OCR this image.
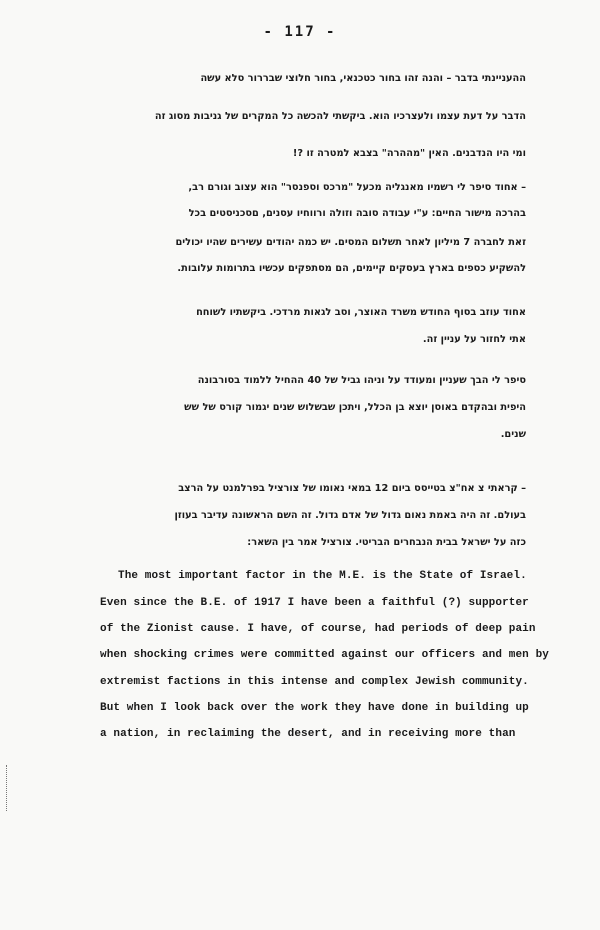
- 117 -
ההעניינתי בדבר – והנה זהו בחור כטכנאי, בחור חלוצי שבררור סלא עשה
הדבר על דעת עצמו ולעצרכיו הוא. ביקשתי להכשה כל המקרים של גניבות מסוג זה
ומי היו הנדבנים. האין "מההרה" בצבא למטרה זו ?!
– אחוד סיפר לי רשמיו מאנגליה מכעל "מרכס וספנסר" הוא עצוב וגורם רב,
בהרכה מישור החיים: ע"י עבודה סובה וזולה ורווחיו עסנים, םסכניסטים בכל
זאת לחברה 7 מיליון לאחר תשלום המסים. יש כמה יהודים עשירים שהיו יכולים
להשקיע כספים בארץ בעסקים קיימים, הם מסתפקים עכשיו בתרומות עלובות.
אחוד עוזב בסוף החודש משרד האוצר, וסב לגאות מרדכי. ביקשתיו לשוחח
אתי לחזור על עניין זה.
סיפר לי הבך שעניין ומעודד על וניהו גביל של 40 ההחיל ללמוד בסורבונה
היפית ובהקדם באוסן יוצא בן הכלל, ויתכן שבשלוש שנים יגמור קורס של שש
שנים.
– קראתי צ אח"צ בטייסס ביום 12 במאי נאומו של צורציל בפרלמנט על הרצב
בעולם. זה היה באמת נאום גדול של אדם גדול. זה השם הראשונה עדיבר בעוזן
כזה על ישראל בבית הנבחרים הבריטי. צורציל אמר בין השאר:
The most important factor in the M.E. is the State of Israel.
Even since the B.E. of 1917 I have been a faithful (?) supporter
of the Zionist cause. I have, of course, had periods of deep pain
when shocking crimes were committed against our officers and men by
extremist factions in this intense and complex Jewish community.
But when I look back over the work they have done in building up
a nation, in reclaiming the desert, and in receiving more than
